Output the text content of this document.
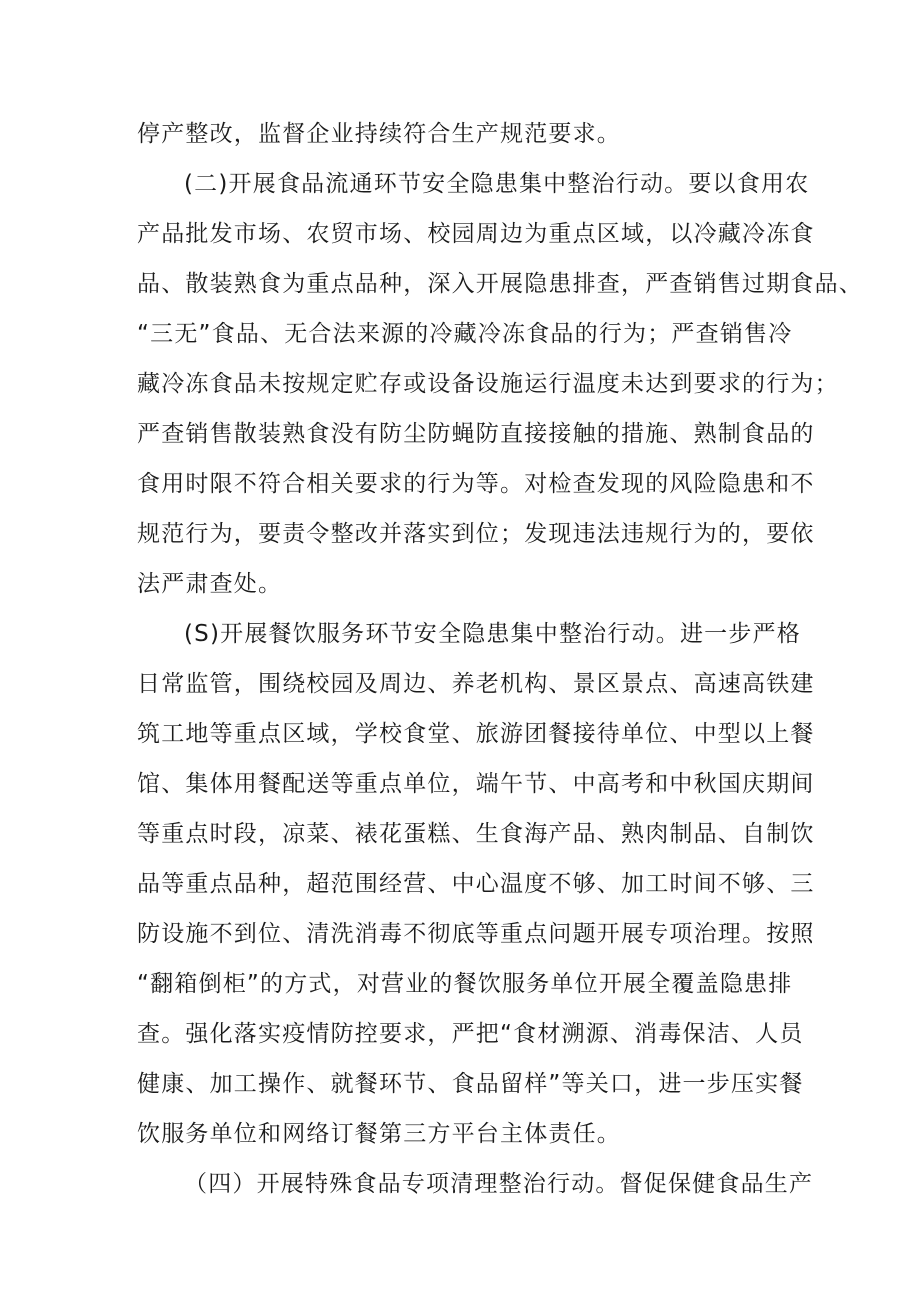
停产整改，监督企业持续符合生产规范要求。
(二)开展食品流通环节安全隐患集中整治行动。要以食用农
产品批发市场、农贸市场、校园周边为重点区域，以冷藏冷冻食
品、散装熟食为重点品种，深入开展隐患排查，严查销售过期食品、
“三无”食品、无合法来源的冷藏冷冻食品的行为；严查销售冷
藏冷冻食品未按规定贮存或设备设施运行温度未达到要求的行为；
严查销售散装熟食没有防尘防蝇防直接接触的措施、熟制食品的
食用时限不符合相关要求的行为等。对检查发现的风险隐患和不
规范行为，要责令整改并落实到位；发现违法违规行为的，要依
法严肃查处。
(S)开展餐饮服务环节安全隐患集中整治行动。进一步严格
日常监管，围绕校园及周边、养老机构、景区景点、高速高铁建
筑工地等重点区域，学校食堂、旅游团餐接待单位、中型以上餐
馆、集体用餐配送等重点单位，端午节、中高考和中秋国庆期间
等重点时段，凉菜、裱花蛋糕、生食海产品、熟肉制品、自制饮
品等重点品种，超范围经营、中心温度不够、加工时间不够、三
防设施不到位、清洗消毒不彻底等重点问题开展专项治理。按照
“翻箱倒柜”的方式，对营业的餐饮服务单位开展全覆盖隐患排
查。强化落实疫情防控要求，严把“食材溯源、消毒保洁、人员
健康、加工操作、就餐环节、食品留样”等关口，进一步压实餐
饮服务单位和网络订餐第三方平台主体责任。
（四）开展特殊食品专项清理整治行动。督促保健食品生产
